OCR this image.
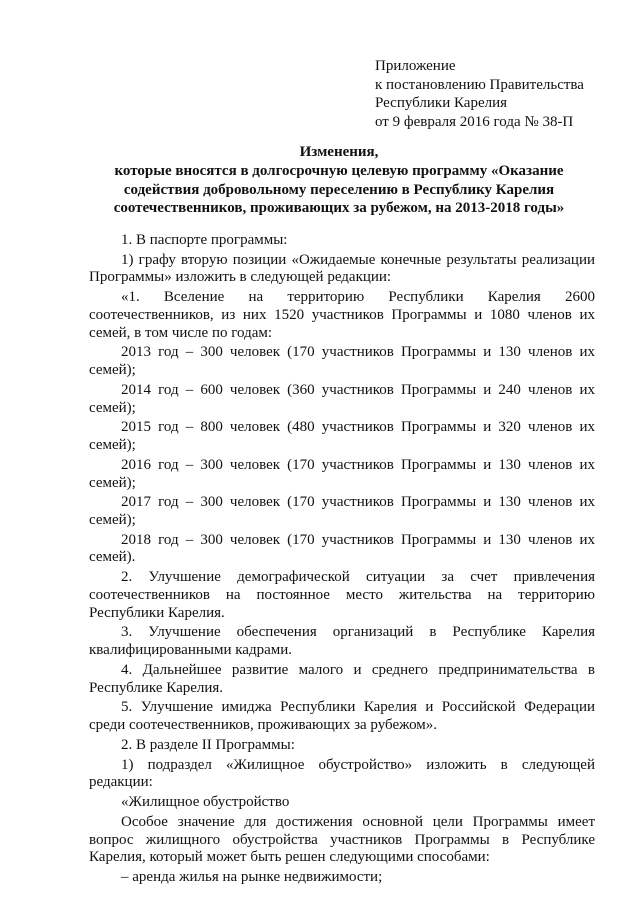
Приложение
к постановлению Правительства
Республики Карелия
от 9 февраля 2016 года № 38-П
Изменения,
которые вносятся в долгосрочную целевую программу «Оказание
содействия добровольному переселению в Республику Карелия
соотечественников, проживающих за рубежом, на 2013-2018 годы»

1. В паспорте программы:

1) графу вторую позиции «Ожидаемые конечные результаты реализации Программы» изложить в следующей редакции:

«1. Вселение на территорию Республики Карелия 2600 соотечественников, из них 1520 участников Программы и 1080 членов их семей, в том числе по годам:

2013 год – 300 человек (170 участников Программы и 130 членов их семей);

2014 год – 600 человек (360 участников Программы и 240 членов их семей);

2015 год – 800 человек (480 участников Программы и 320 членов их семей);

2016 год – 300 человек (170 участников Программы и 130 членов их семей);

2017 год – 300 человек (170 участников Программы и 130 членов их семей);

2018 год – 300 человек (170 участников Программы и 130 членов их семей).

2. Улучшение демографической ситуации за счет привлечения соотечественников на постоянное место жительства на территорию Республики Карелия.

3. Улучшение обеспечения организаций в Республике Карелия квалифицированными кадрами.

4. Дальнейшее развитие малого и среднего предпринимательства в Республике Карелия.

5. Улучшение имиджа Республики Карелия и Российской Федерации среди соотечественников, проживающих за рубежом».

2. В разделе II Программы:

1) подраздел «Жилищное обустройство» изложить в следующей редакции:

«Жилищное обустройство

Особое значение для достижения основной цели Программы имеет вопрос жилищного обустройства участников Программы в Республике Карелия, который может быть решен следующими способами:

– аренда жилья на рынке недвижимости;
